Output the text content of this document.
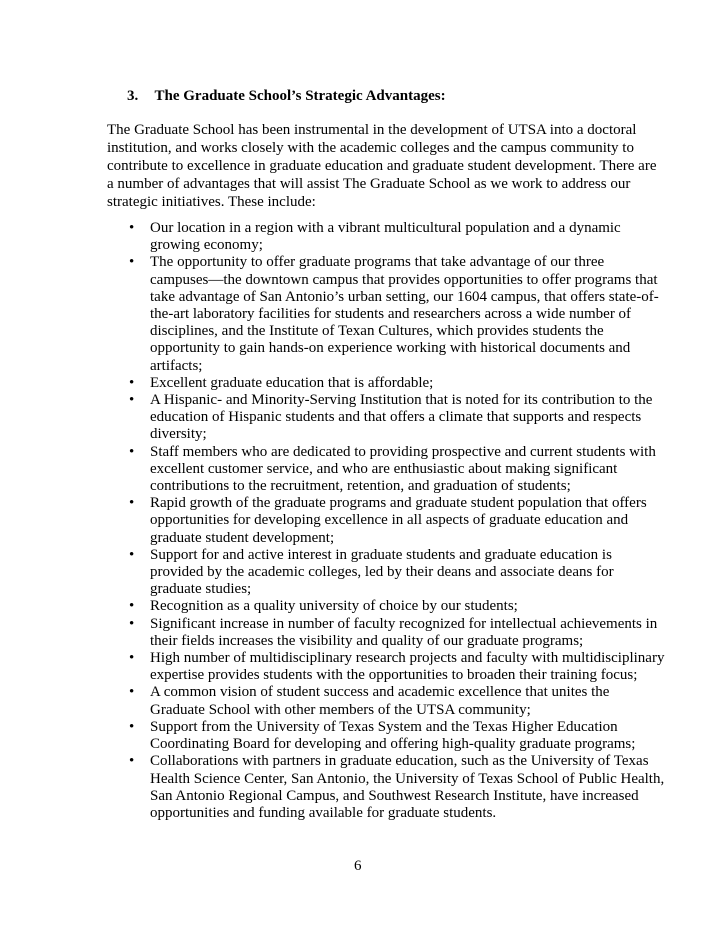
3. The Graduate School’s Strategic Advantages:

The Graduate School has been instrumental in the development of UTSA into a doctoral
institution, and works closely with the academic colleges and the campus community to
contribute to excellence in graduate education and graduate student development. There are
a number of advantages that will assist The Graduate School as we work to address our
strategic initiatives. These include:

•	Our location in a region with a vibrant multicultural population and a dynamic
growing economy;
•	The opportunity to offer graduate programs that take advantage of our three
campuses—the downtown campus that provides opportunities to offer programs that
take advantage of San Antonio’s urban setting, our 1604 campus, that offers state-of-
the-art laboratory facilities for students and researchers across a wide number of
disciplines, and the Institute of Texan Cultures, which provides students the
opportunity to gain hands-on experience working with historical documents and
artifacts;
•	Excellent graduate education that is affordable;
•	A Hispanic- and Minority-Serving Institution that is noted for its contribution to the
education of Hispanic students and that offers a climate that supports and respects
diversity;
•	Staff members who are dedicated to providing prospective and current students with
excellent customer service, and who are enthusiastic about making significant
contributions to the recruitment, retention, and graduation of students;
•	Rapid growth of the graduate programs and graduate student population that offers
opportunities for developing excellence in all aspects of graduate education and
graduate student development;
•	Support for and active interest in graduate students and graduate education is
provided by the academic colleges, led by their deans and associate deans for
graduate studies;
•	Recognition as a quality university of choice by our students;
•	Significant increase in number of faculty recognized for intellectual achievements in
their fields increases the visibility and quality of our graduate programs;
•	High number of multidisciplinary research projects and faculty with multidisciplinary
expertise provides students with the opportunities to broaden their training focus;
•	A common vision of student success and academic excellence that unites the
Graduate School with other members of the UTSA community;
•	Support from the University of Texas System and the Texas Higher Education
Coordinating Board for developing and offering high-quality graduate programs;
•	Collaborations with partners in graduate education, such as the University of Texas
Health Science Center, San Antonio, the University of Texas School of Public Health,
San Antonio Regional Campus, and Southwest Research Institute, have increased
opportunities and funding available for graduate students.
6
